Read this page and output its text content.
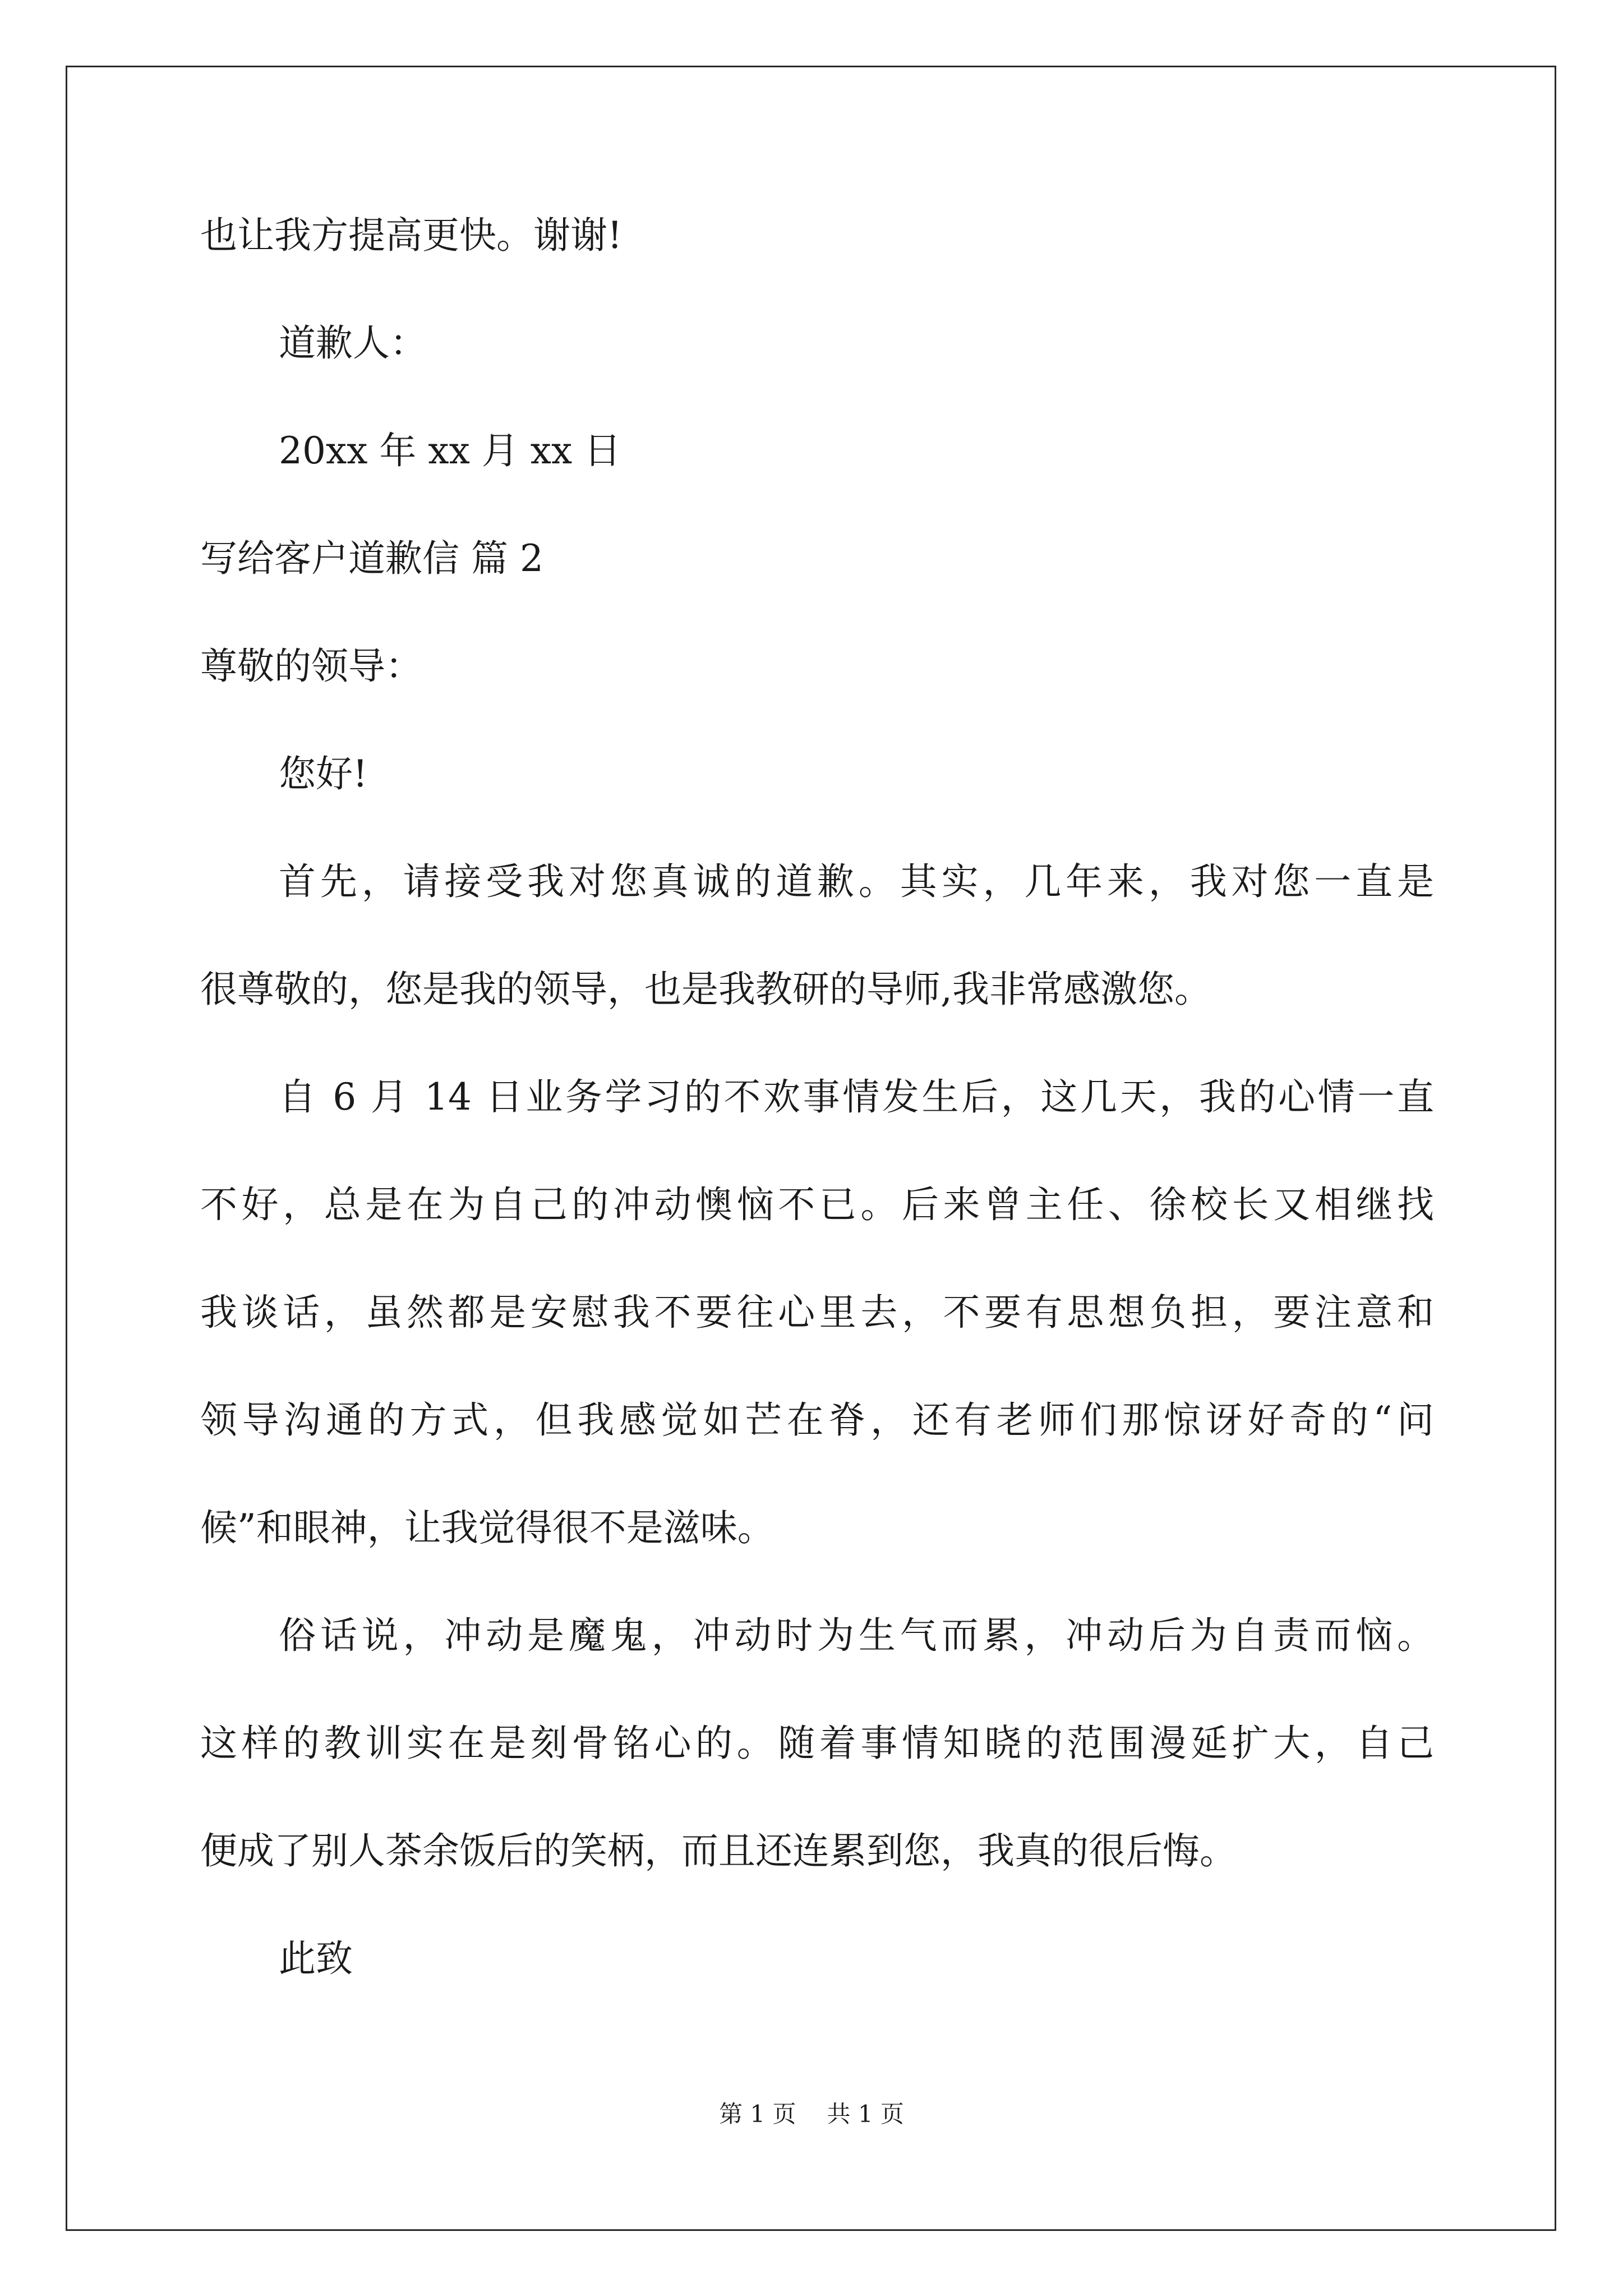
也让我方提高更快。谢谢!
道歉人：
20xx 年 xx 月 xx 日
写给客户道歉信 篇 2
尊敬的领导：
您好!
首先，请接受我对您真诚的道歉。其实，几年来，我对您一直是
很尊敬的，您是我的领导，也是我教研的导师,我非常感激您。
自 6 月 14 日业务学习的不欢事情发生后，这几天，我的心情一直
不好，总是在为自己的冲动懊恼不已。后来曾主任、徐校长又相继找
我谈话，虽然都是安慰我不要往心里去，不要有思想负担，要注意和
领导沟通的方式，但我感觉如芒在脊，还有老师们那惊讶好奇的“问
候”和眼神，让我觉得很不是滋味。
俗话说，冲动是魔鬼，冲动时为生气而累，冲动后为自责而恼。
这样的教训实在是刻骨铭心的。随着事情知晓的范围漫延扩大，自己
便成了别人茶余饭后的笑柄，而且还连累到您，我真的很后悔。
此致
第 1 页 共 1 页
